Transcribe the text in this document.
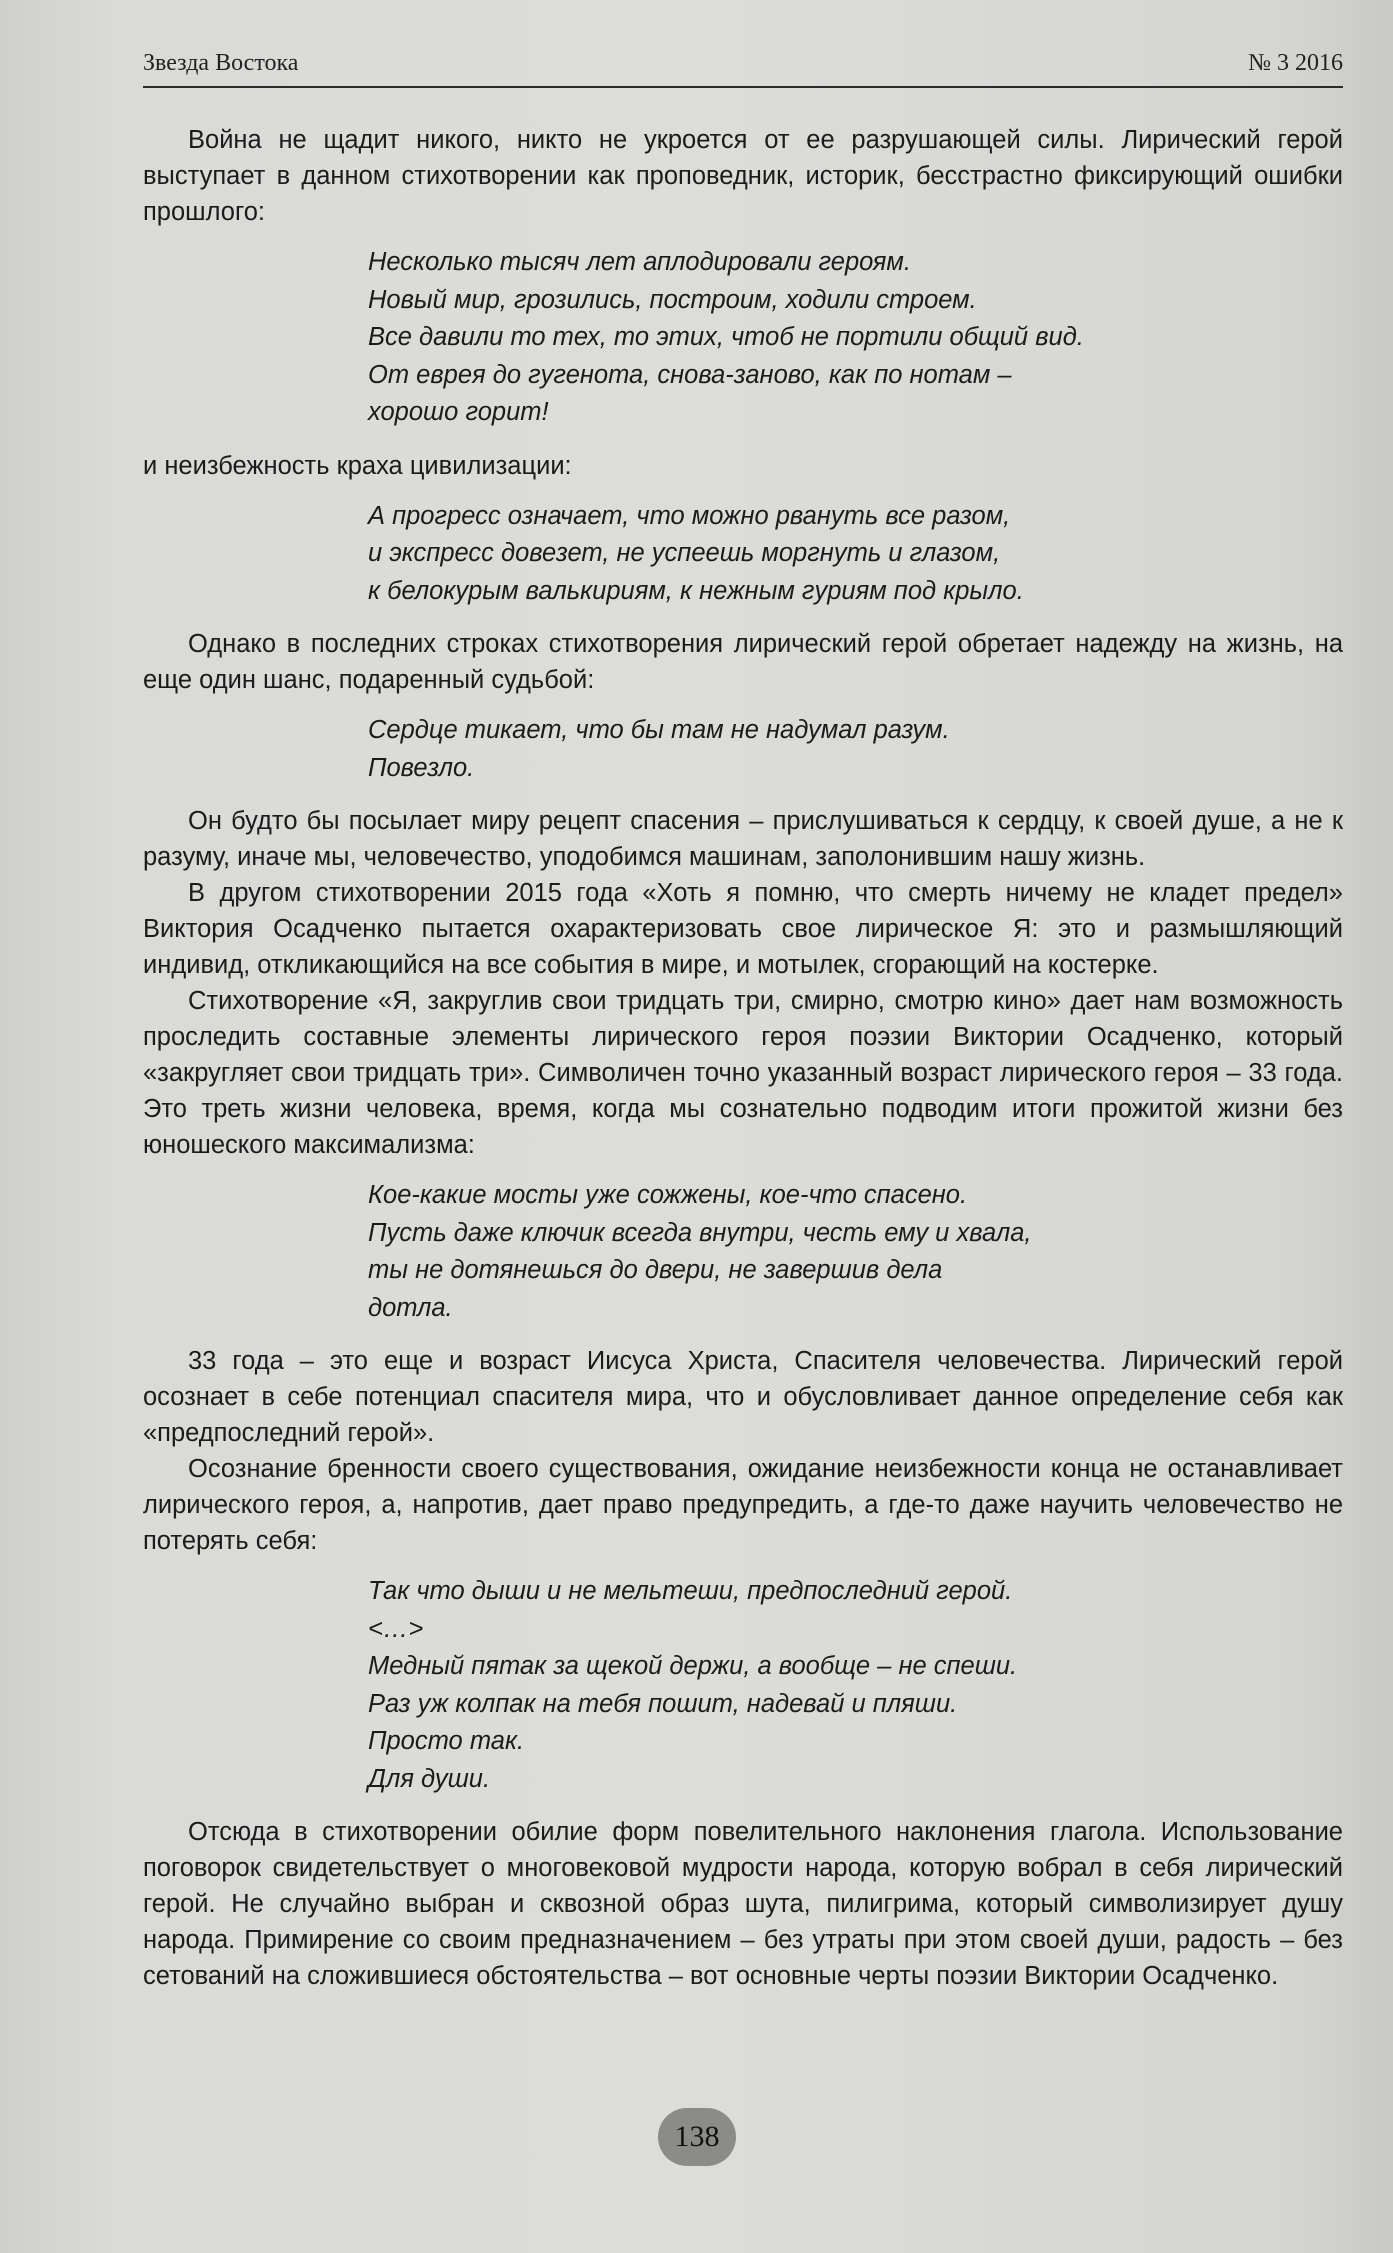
Звезда Востока	№ 3 2016

Война не щадит никого, никто не укроется от ее разрушающей силы. Лирический герой выступает в данном стихотворении как проповедник, историк, бесстрастно фиксирующий ошибки прошлого:

Несколько тысяч лет аплодировали героям.
Новый мир, грозились, построим, ходили строем.
Все давили то тех, то этих, чтоб не портили общий вид.
От еврея до гугенота, снова-заново, как по нотам –
хорошо горит!

и неизбежность краха цивилизации:

А прогресс означает, что можно рвануть все разом,
и экспресс довезет, не успеешь моргнуть и глазом,
к белокурым валькириям, к нежным гуриям под крыло.

Однако в последних строках стихотворения лирический герой обретает надежду на жизнь, на еще один шанс, подаренный судьбой:

Сердце тикает, что бы там не надумал разум.
Повезло.

Он будто бы посылает миру рецепт спасения – прислушиваться к сердцу, к своей душе, а не к разуму, иначе мы, человечество, уподобимся машинам, заполонившим нашу жизнь.

В другом стихотворении 2015 года «Хоть я помню, что смерть ничему не кладет предел» Виктория Осадченко пытается охарактеризовать свое лирическое Я: это и размышляющий индивид, откликающийся на все события в мире, и мотылек, сгорающий на костерке.

Стихотворение «Я, закруглив свои тридцать три, смирно, смотрю кино» дает нам возможность проследить составные элементы лирического героя поэзии Виктории Осадченко, который «закругляет свои тридцать три». Символичен точно указанный возраст лирического героя – 33 года. Это треть жизни человека, время, когда мы сознательно подводим итоги прожитой жизни без юношеского максимализма:

Кое-какие мосты уже сожжены, кое-что спасено.
Пусть даже ключик всегда внутри, честь ему и хвала,
ты не дотянешься до двери, не завершив дела
дотла.

33 года – это еще и возраст Иисуса Христа, Спасителя человечества. Лирический герой осознает в себе потенциал спасителя мира, что и обусловливает данное определение себя как «предпоследний герой».

Осознание бренности своего существования, ожидание неизбежности конца не останавливает лирического героя, а, напротив, дает право предупредить, а где-то даже научить человечество не потерять себя:

Так что дыши и не мельтеши, предпоследний герой.
<…>
Медный пятак за щекой держи, а вообще – не спеши.
Раз уж колпак на тебя пошит, надевай и пляши.
Просто так.
Для души.

Отсюда в стихотворении обилие форм повелительного наклонения глагола. Использование поговорок свидетельствует о многовековой мудрости народа, которую вобрал в себя лирический герой. Не случайно выбран и сквозной образ шута, пилигрима, который символизирует душу народа. Примирение со своим предназначением – без утраты при этом своей души, радость – без сетований на сложившиеся обстоятельства – вот основные черты поэзии Виктории Осадченко.

138
